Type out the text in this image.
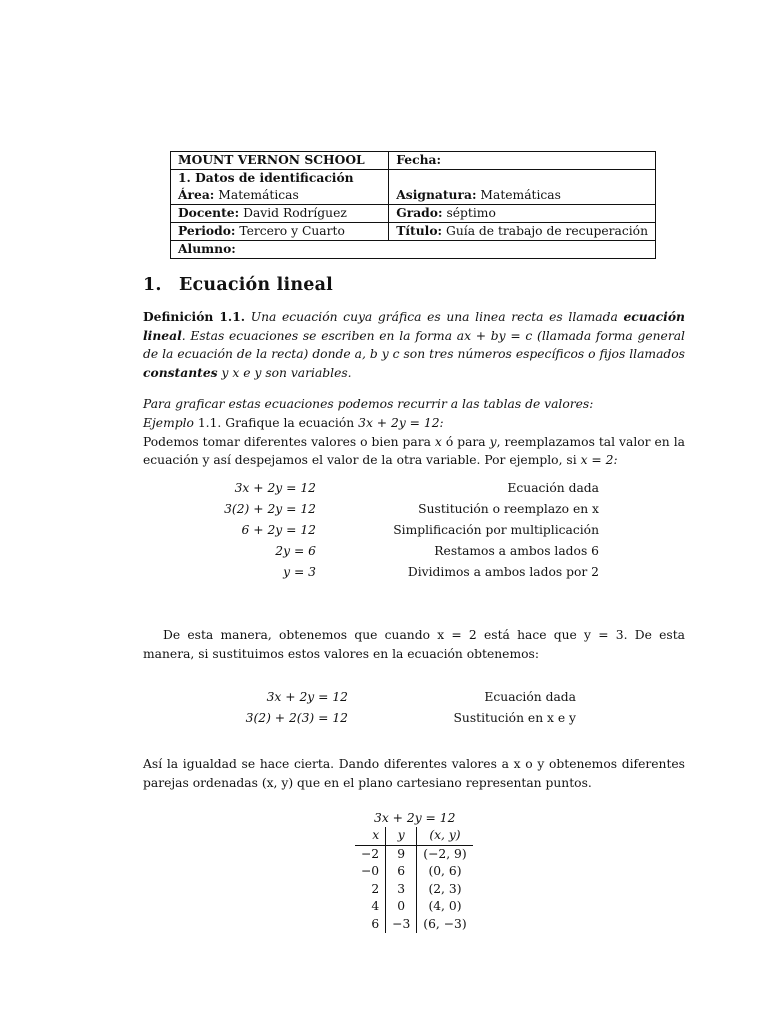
MOUNT VERNON SCHOOL	Fecha:
1. Datos de identificación	
Área: Matemáticas	Asignatura: Matemáticas
Docente: David Rodríguez	Grado: séptimo
Periodo: Tercero y Cuarto	Título: Guía de trabajo de recuperación
Alumno:	
1. Ecuación lineal

Definición 1.1. Una ecuación cuya gráfica es una linea recta es llamada ecuación lineal. Estas ecuaciones se escriben en la forma ax + by = c (llamada forma general de la ecuación de la recta) donde a, b y c son tres números específicos o fijos llamados constantes y x e y son variables.

Para graficar estas ecuaciones podemos recurrir a las tablas de valores:

Ejemplo 1.1. Grafique la ecuación 3x + 2y = 12:
Podemos tomar diferentes valores o bien para x ó para y, reemplazamos tal valor en la ecuación y así despejamos el valor de la otra variable. Por ejemplo, si x = 2:

3x + 2y = 12	Ecuación dada
3(2) + 2y = 12	Sustitución o reemplazo en x
6 + 2y = 12	Simplificación por multiplicación
2y = 6	Restamos a ambos lados 6
y = 3	Dividimos a ambos lados por 2

De esta manera, obtenemos que cuando x = 2 está hace que y = 3. De esta manera, si sustituimos estos valores en la ecuación obtenemos:

3x + 2y = 12	Ecuación dada
3(2) + 2(3) = 12	Sustitución en x e y

Así la igualdad se hace cierta. Dando diferentes valores a x o y obtenemos diferentes parejas ordenadas (x, y) que en el plano cartesiano representan puntos.

3x + 2y = 12
x	y	(x, y)
−2	9	(−2, 9)
−0	6	(0, 6)
2	3	(2, 3)
4	0	(4, 0)
6	−3	(6, −3)
